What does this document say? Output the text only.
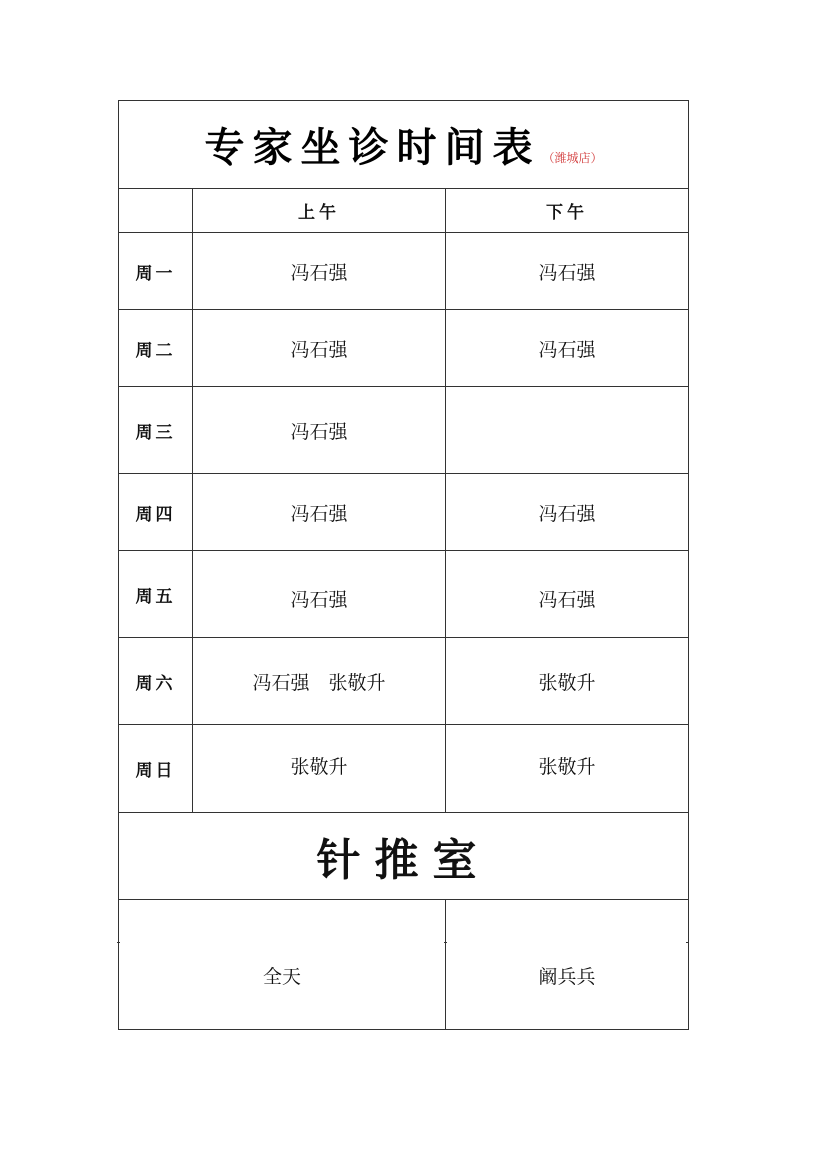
专家坐诊时间表 （潍城店）
上午	下午
周一	冯石强	冯石强
周二	冯石强	冯石强
周三	冯石强
周四	冯石强	冯石强
周五	冯石强	冯石强
周六	冯石强　张敬升	张敬升
周日	张敬升	张敬升
针推室
全天	阚兵兵
